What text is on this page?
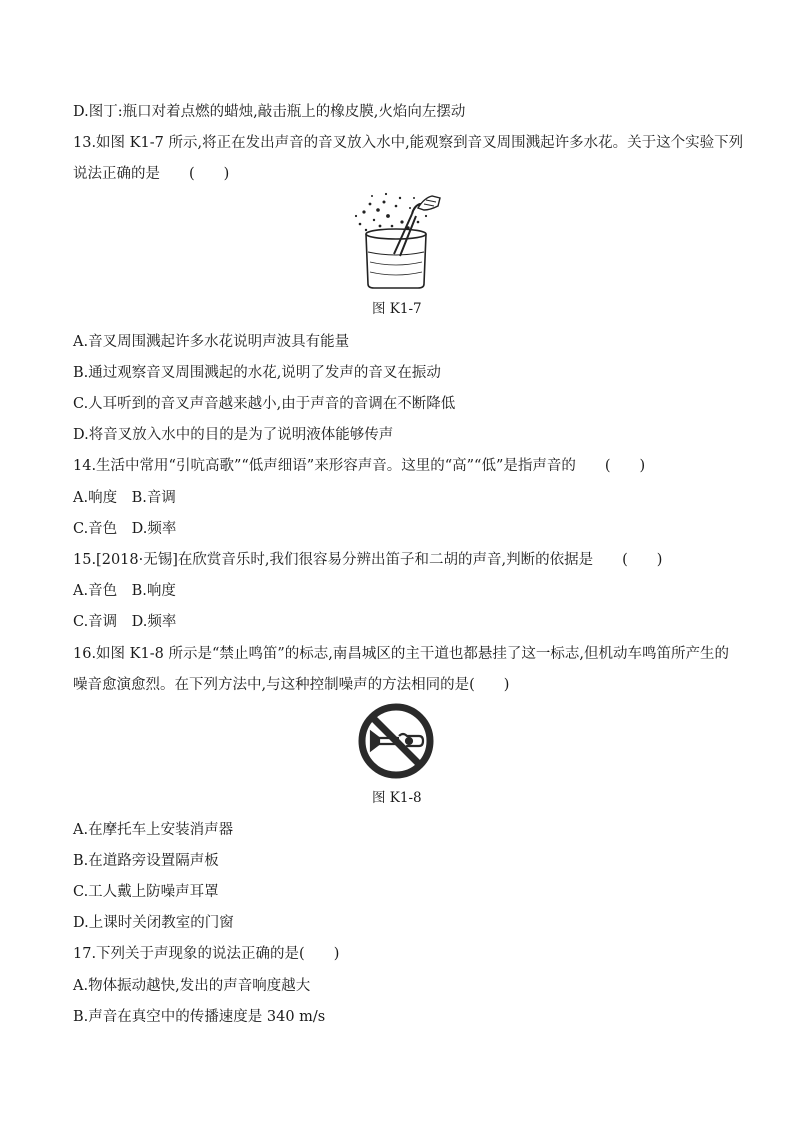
D.图丁:瓶口对着点燃的蜡烛,敲击瓶上的橡皮膜,火焰向左摆动
13.如图 K1-7 所示,将正在发出声音的音叉放入水中,能观察到音叉周围溅起许多水花。关于这个实验下列
说法正确的是　　(　　)
图 K1-7
A.音叉周围溅起许多水花说明声波具有能量
B.通过观察音叉周围溅起的水花,说明了发声的音叉在振动
C.人耳听到的音叉声音越来越小,由于声音的音调在不断降低
D.将音叉放入水中的目的是为了说明液体能够传声
14.生活中常用“引吭高歌”“低声细语”来形容声音。这里的“高”“低”是指声音的　　(　　)
A.响度　B.音调
C.音色　D.频率
15.[2018·无锡]在欣赏音乐时,我们很容易分辨出笛子和二胡的声音,判断的依据是　　(　　)
A.音色　B.响度
C.音调　D.频率
16.如图 K1-8 所示是“禁止鸣笛”的标志,南昌城区的主干道也都悬挂了这一标志,但机动车鸣笛所产生的
噪音愈演愈烈。在下列方法中,与这种控制噪声的方法相同的是(　　)
图 K1-8
A.在摩托车上安装消声器
B.在道路旁设置隔声板
C.工人戴上防噪声耳罩
D.上课时关闭教室的门窗
17.下列关于声现象的说法正确的是(　　)
A.物体振动越快,发出的声音响度越大
B.声音在真空中的传播速度是 340 m/s
